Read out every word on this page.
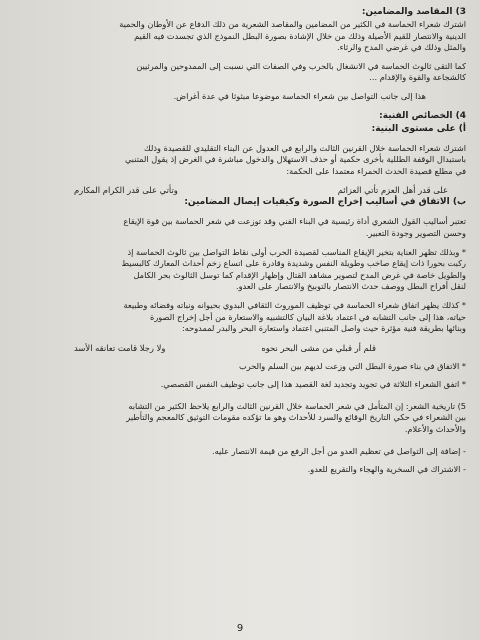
3) المقاصد والمضامين:
اشترك شعراء الحماسة في الكثير من المضامين والمقاصد الشعرية من ذلك الدفاع عن الأوطان والحمية
الدينية والانتصار للقيم الأصيلة وذلك من خلال الإشادة بصورة البطل النموذج الذي تجسدت فيه القيم
والمثل وذلك في غرضي المدح والرثاء.
كما التقى ثالوث الحماسة في الانشغال بالحرب وفي الصفات التي نسبت إلى الممدوحين والمرثيين
كالشجاعة والقوة والإقدام ...
هذا إلى جانب التواصل بين شعراء الحماسة موضوعا مبثوثا في عدة أغراض.
4) الخصائص الفنية:
أ) على مستوى البنية:
اشترك شعراء الحماسة خلال القرنين الثالث والرابع في العدول عن البناء التقليدي للقصيدة وذلك
باستبدال الوقفة الطللية بأخرى حكمية أو حذف الاستهلال والدخول مباشرة في الغرض إذ يقول المتنبي
في مطلع قصيدة الحدث الحمراء معتمدا على الحكمة:
على قدر أهل العزم تأتي العزائم
وتأتي على قدر الكرام المكارم
ب) الاتفاق في أساليب إخراج الصورة وكيفيات إيصال المضامين:
تعتبر أساليب القول الشعري أداة رئيسية في البناء الفني وقد توزعت في شعر الحماسة بين قوة الإيقاع
وحسن التصوير وجودة التعبير.
* وبذلك تظهر العناية بتخير الإيقاع المناسب لقصيدة الحرب أولى نقاط التواصل بين ثالوث الحماسة إذ
ركبت بحورا ذات إيقاع صاخب وطويلة النفس وشديدة وقادرة على اتساع زخم أحداث المعارك كالبسيط
والطويل خاصة في غرض المدح لتصوير مشاهد القتال وإظهار الإقدام كما توسل الثالوث بحر الكامل
لنقل أفراح البطل ووصف حدث الانتصار بالتوبيخ والانتصار على العدو.
* كذلك يظهر اتفاق شعراء الحماسة في توظيف الموروث الثقافي البدوي بحيوانه ونباته وفضائه وطبيعة
حياته، هذا إلى جانب التشابه في اعتماد بلاغة البيان كالتشبيه والاستعارة من أجل إخراج الصورة
وبنائها بطريقة فنية مؤثرة حيث واصل المتنبي اعتماد واستعارة البحر والبدر لممدوحه:
قلم أر قبلي من مشى البحر نحوه
ولا رجلا قامت تعانقه الأسد
* الاتفاق في بناء صورة البطل التي وزعت لديهم بين السلم والحرب
* اتفق الشعراء الثلاثة في تجويد وتجديد لغة القصيد هذا إلى جانب توظيف النفس القصصي.
5) تاريخية الشعر: إن المتأمل في شعر الحماسة خلال القرنين الثالث والرابع يلاحظ الكثير من التشابه
بين الشعراء في حكي التاريخ الوقائع والسرد للأحداث وهو ما تؤكده مقومات التوثيق كالمعجم والتأطير
والأحداث والأعلام.
- إضافة إلى التواصل في تعظيم العدو من أجل الرفع من قيمة الانتصار عليه.
- الاشتراك في السخرية والهجاء والتقريع للعدو.
9
